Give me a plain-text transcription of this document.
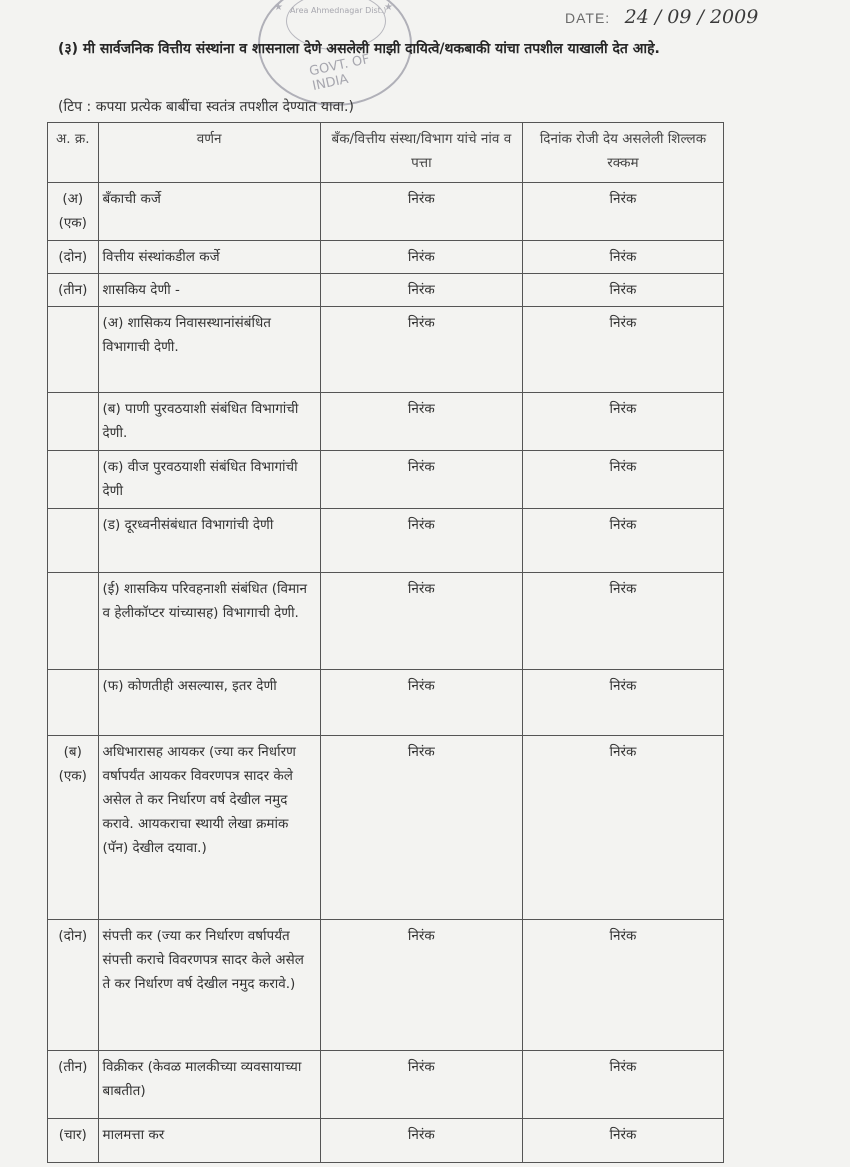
★	★
Area Ahmednagar Dist.)
GOVT. OF INDIA
DATE: 24 / 09 / 2009
(३) मी सार्वजनिक वित्तीय संस्थांना व शासनाला देणे असलेली माझी दायित्वे/थकबाकी यांचा तपशील याखाली देत आहे.
(टिप : कपया प्रत्येक बाबींचा स्वतंत्र तपशील देण्यात यावा.)
अ. क्र.	वर्णन	बँक/वित्तीय संस्था/विभाग यांचे नांव व पत्ता	दिनांक रोजी देय असलेली शिल्लक रक्कम
(अ) (एक)	बँकाची कर्जे	निरंक	निरंक
(दोन)	वित्तीय संस्थांकडील कर्जे	निरंक	निरंक
(तीन)	शासकिय देणी -	निरंक	निरंक
	(अ) शासिकय निवासस्थानांसंबंधित विभागाची देणी.	निरंक	निरंक
	(ब) पाणी पुरवठयाशी संबंधित विभागांची देणी.	निरंक	निरंक
	(क) वीज पुरवठयाशी संबंधित विभागांची देणी	निरंक	निरंक
	(ड) दूरध्वनीसंबंधात विभागांची देणी	निरंक	निरंक
	(ई) शासकिय परिवहनाशी संबंधित (विमान व हेलीकॉप्टर यांच्यासह) विभागाची देणी.	निरंक	निरंक
	(फ) कोणतीही असल्यास, इतर देणी	निरंक	निरंक
(ब) (एक)	अधिभारासह आयकर (ज्या कर निर्धारण वर्षापर्यंत आयकर विवरणपत्र सादर केले असेल ते कर निर्धारण वर्ष देखील नमुद करावे. आयकराचा स्थायी लेखा क्रमांक (पॅन) देखील दयावा.)	निरंक	निरंक
(दोन)	संपत्ती कर (ज्या कर निर्धारण वर्षापर्यंत संपत्ती कराचे विवरणपत्र सादर केले असेल ते कर निर्धारण वर्ष देखील नमुद करावे.)	निरंक	निरंक
(तीन)	विक्रीकर (केवळ मालकीच्या व्यवसायाच्या बाबतीत)	निरंक	निरंक
(चार)	मालमत्ता कर	निरंक	निरंक
